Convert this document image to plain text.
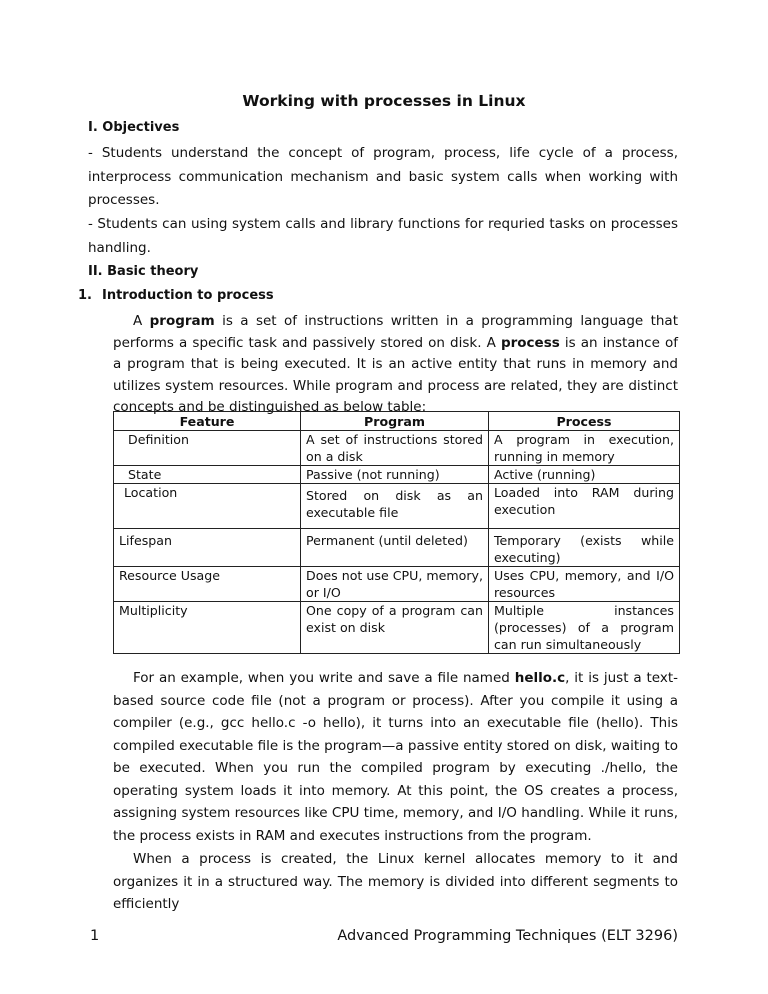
Working with processes in Linux
I. Objectives

- Students understand the concept of program, process, life cycle of a process, interprocess communication mechanism and basic system calls when working with processes.

- Students can using system calls and library functions for requried tasks on processes handling.

II. Basic theory
1. Introduction to process

A program is a set of instructions written in a programming language that performs a specific task and passively stored on disk. A process is an instance of a program that is being executed. It is an active entity that runs in memory and utilizes system resources. While program and process are related, they are distinct concepts and be distinguished as below table:

Feature	Program	Process
Definition	A set of instructions stored on a disk	A program in execution, running in memory
State	Passive (not running)	Active (running)
Location	Stored on disk as an executable file	Loaded into RAM during execution
Lifespan	Permanent (until deleted)	Temporary (exists while executing)
Resource Usage	Does not use CPU, memory, or I/O	Uses CPU, memory, and I/O resources
Multiplicity	One copy of a program can exist on disk	Multiple instances (processes) of a program can run simultaneously

For an example, when you write and save a file named hello.c, it is just a text-based source code file (not a program or process). After you compile it using a compiler (e.g., gcc hello.c -o hello), it turns into an executable file (hello). This compiled executable file is the program—a passive entity stored on disk, waiting to be executed. When you run the compiled program by executing ./hello, the operating system loads it into memory. At this point, the OS creates a process, assigning system resources like CPU time, memory, and I/O handling. While it runs, the process exists in RAM and executes instructions from the program.

When a process is created, the Linux kernel allocates memory to it and organizes it in a structured way. The memory is divided into different segments to efficiently

1	Advanced Programming Techniques (ELT 3296)
